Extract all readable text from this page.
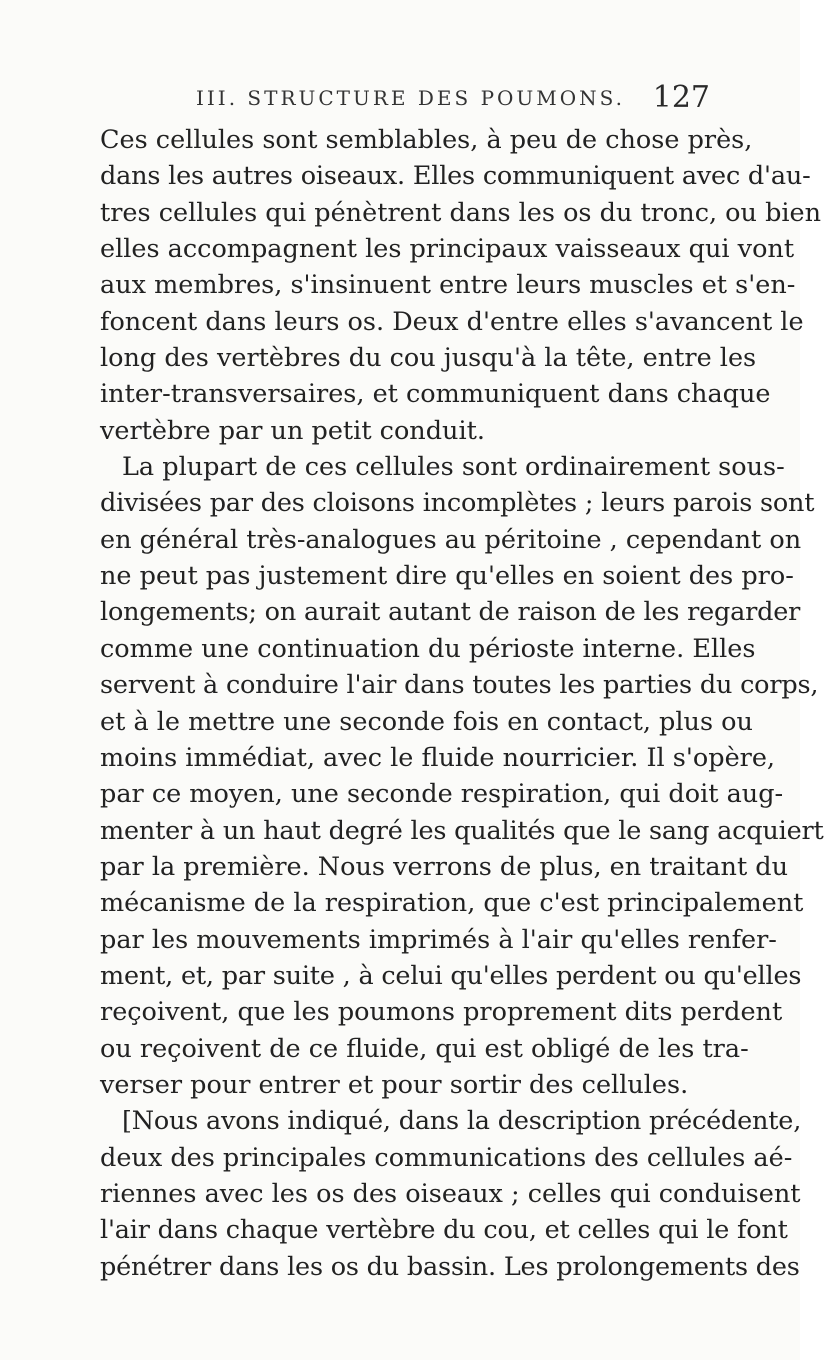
III. STRUCTURE DES POUMONS. 127
Ces cellules sont semblables, à peu de chose près,
dans les autres oiseaux. Elles communiquent avec d'au-
tres cellules qui pénètrent dans les os du tronc, ou bien
elles accompagnent les principaux vaisseaux qui vont
aux membres, s'insinuent entre leurs muscles et s'en-
foncent dans leurs os. Deux d'entre elles s'avancent le
long des vertèbres du cou jusqu'à la tête, entre les
inter-transversaires, et communiquent dans chaque
vertèbre par un petit conduit.
La plupart de ces cellules sont ordinairement sous-
divisées par des cloisons incomplètes ; leurs parois sont
en général très-analogues au péritoine , cependant on
ne peut pas justement dire qu'elles en soient des pro-
longements; on aurait autant de raison de les regarder
comme une continuation du périoste interne. Elles
servent à conduire l'air dans toutes les parties du corps,
et à le mettre une seconde fois en contact, plus ou
moins immédiat, avec le fluide nourricier. Il s'opère,
par ce moyen, une seconde respiration, qui doit aug-
menter à un haut degré les qualités que le sang acquiert
par la première. Nous verrons de plus, en traitant du
mécanisme de la respiration, que c'est principalement
par les mouvements imprimés à l'air qu'elles renfer-
ment, et, par suite , à celui qu'elles perdent ou qu'elles
reçoivent, que les poumons proprement dits perdent
ou reçoivent de ce fluide, qui est obligé de les tra-
verser pour entrer et pour sortir des cellules.
[Nous avons indiqué, dans la description précédente,
deux des principales communications des cellules aé-
riennes avec les os des oiseaux ; celles qui conduisent
l'air dans chaque vertèbre du cou, et celles qui le font
pénétrer dans les os du bassin. Les prolongements des
